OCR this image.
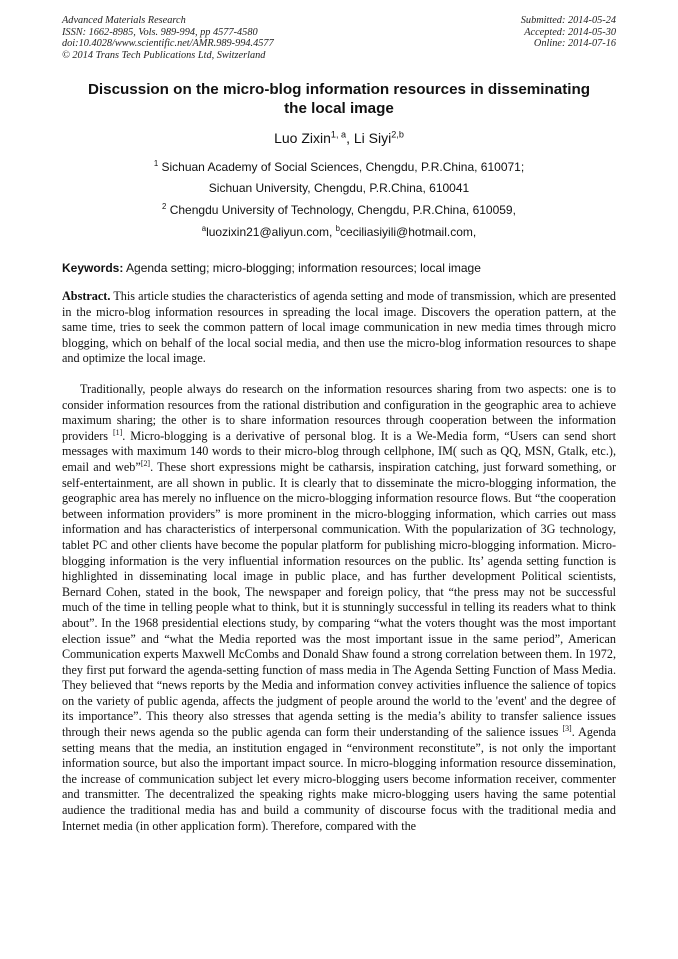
Advanced Materials Research
ISSN: 1662-8985, Vols. 989-994, pp 4577-4580
doi:10.4028/www.scientific.net/AMR.989-994.4577
© 2014 Trans Tech Publications Ltd, Switzerland
Submitted: 2014-05-24
Accepted: 2014-05-30
Online: 2014-07-16
Discussion on the micro-blog information resources in disseminating
the local image
Luo Zixin$^{1, a}$, Li Siyi$^{2,b}$
$^1$ Sichuan Academy of Social Sciences, Chengdu, P.R.China, 610071;
Sichuan University, Chengdu, P.R.China, 610041
$^2$ Chengdu University of Technology, Chengdu, P.R.China, 610059,
$^a$luozixin21@aliyun.com, $^b$ceciliasiyili@hotmail.com,
Keywords: Agenda setting; micro-blogging; information resources; local image
Abstract. This article studies the characteristics of agenda setting and mode of transmission, which are presented in the micro-blog information resources in spreading the local image. Discovers the operation pattern, at the same time, tries to seek the common pattern of local image communication in new media times through micro blogging, which on behalf of the local social media, and then use the micro-blog information resources to shape and optimize the local image.
Traditionally, people always do research on the information resources sharing from two aspects: one is to consider information resources from the rational distribution and configuration in the geographic area to achieve maximum sharing; the other is to share information resources through cooperation between the information providers [1]. Micro-blogging is a derivative of personal blog. It is a We-Media form, “Users can send short messages with maximum 140 words to their micro-blog through cellphone, IM( such as QQ, MSN, Gtalk, etc.), email and web”[2]. These short expressions might be catharsis, inspiration catching, just forward something, or self-entertainment, are all shown in public. It is clearly that to disseminate the micro-blogging information, the geographic area has merely no influence on the micro-blogging information resource flows. But “the cooperation between information providers” is more prominent in the micro-blogging information, which carries out mass information and has characteristics of interpersonal communication. With the popularization of 3G technology, tablet PC and other clients have become the popular platform for publishing micro-blogging information. Micro-blogging information is the very influential information resources on the public. Its’ agenda setting function is highlighted in disseminating local image in public place, and has further development Political scientists, Bernard Cohen, stated in the book, The newspaper and foreign policy, that “the press may not be successful much of the time in telling people what to think, but it is stunningly successful in telling its readers what to think about”. In the 1968 presidential elections study, by comparing “what the voters thought was the most important election issue” and “what the Media reported was the most important issue in the same period”, American Communication experts Maxwell McCombs and Donald Shaw found a strong correlation between them. In 1972, they first put forward the agenda-setting function of mass media in The Agenda Setting Function of Mass Media. They believed that “news reports by the Media and information convey activities influence the salience of topics on the variety of public agenda, affects the judgment of people around the world to the 'event' and the degree of its importance”. This theory also stresses that agenda setting is the media’s ability to transfer salience issues through their news agenda so the public agenda can form their understanding of the salience issues [3]. Agenda setting means that the media, an institution engaged in “environment reconstitute”, is not only the important information source, but also the important impact source. In micro-blogging information resource dissemination, the increase of communication subject let every micro-blogging users become information receiver, commenter and transmitter. The decentralized the speaking rights make micro-blogging users having the same potential audience the traditional media has and build a community of discourse focus with the traditional media and Internet media (in other application form). Therefore, compared with the
